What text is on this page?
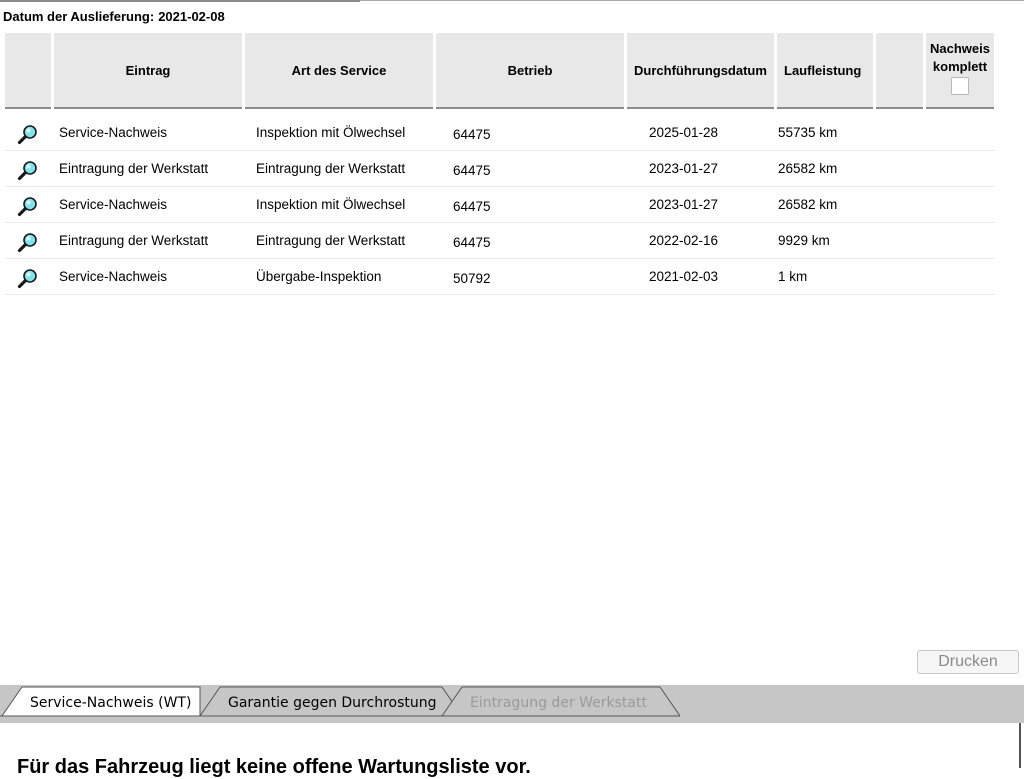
Datum der Auslieferung: 2021-02-08
Eintrag	Art des Service	Betrieb	Durchführungsdatum	Laufleistung
Nachweis
komplett
Service-Nachweis	Inspektion mit Ölwechsel	64475	2025-01-28	55735 km
Eintragung der Werkstatt	Eintragung der Werkstatt	64475	2023-01-27	26582 km
Service-Nachweis	Inspektion mit Ölwechsel	64475	2023-01-27	26582 km
Eintragung der Werkstatt	Eintragung der Werkstatt	64475	2022-02-16	9929 km
Service-Nachweis	Übergabe-Inspektion	50792	2021-02-03	1 km
Drucken
Service-Nachweis (WT)	Garantie gegen Durchrostung Eintragung der Werkstatt
Für das Fahrzeug liegt keine offene Wartungsliste vor.
